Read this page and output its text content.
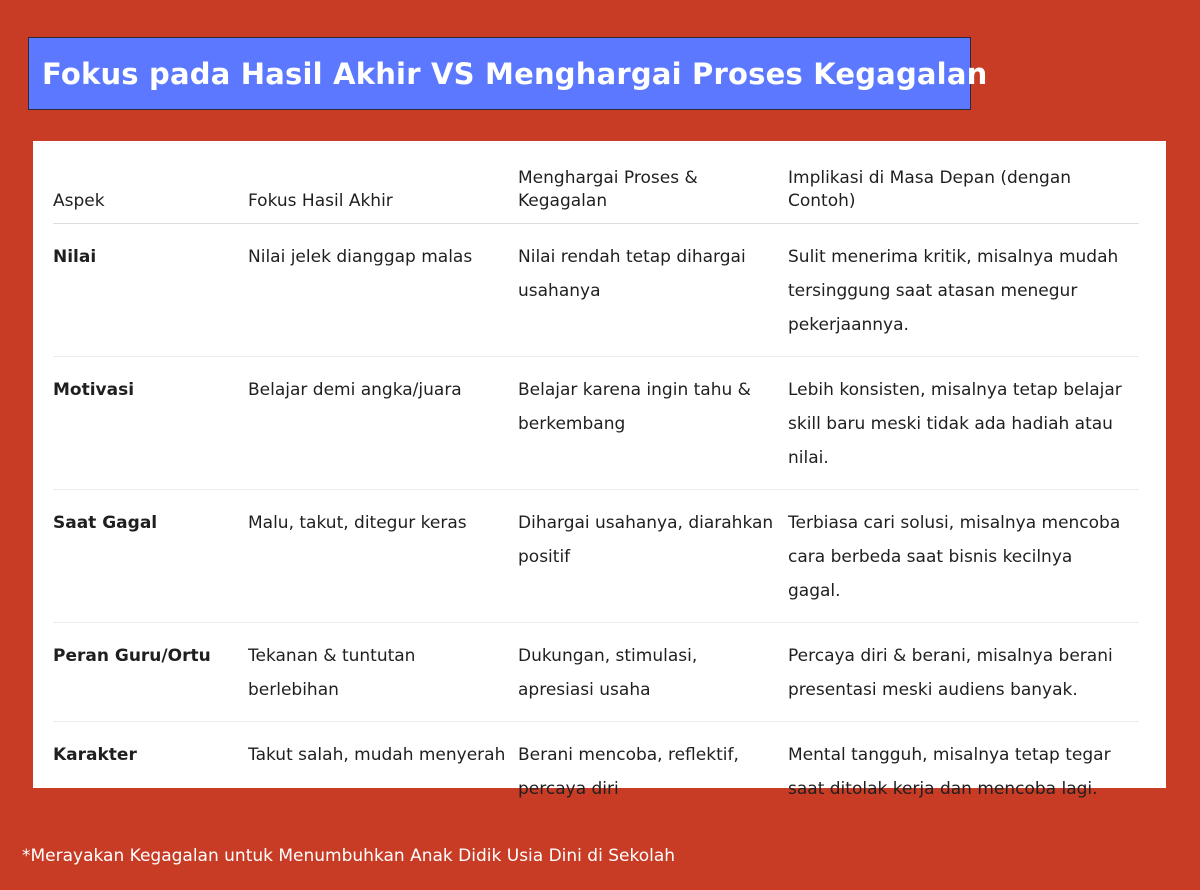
Fokus pada Hasil Akhir VS Menghargai Proses Kegagalan
Aspek	Fokus Hasil Akhir	Menghargai Proses & Kegagalan	Implikasi di Masa Depan (dengan Contoh)
Nilai	Nilai jelek dianggap malas	Nilai rendah tetap dihargai usahanya	Sulit menerima kritik, misalnya mudah tersinggung saat atasan menegur pekerjaannya.
Motivasi	Belajar demi angka/juara	Belajar karena ingin tahu & berkembang	Lebih konsisten, misalnya tetap belajar skill baru meski tidak ada hadiah atau nilai.
Saat Gagal	Malu, takut, ditegur keras	Dihargai usahanya, diarahkan positif	Terbiasa cari solusi, misalnya mencoba cara berbeda saat bisnis kecilnya gagal.
Peran Guru/Ortu	Tekanan & tuntutan berlebihan	Dukungan, stimulasi, apresiasi usaha	Percaya diri & berani, misalnya berani presentasi meski audiens banyak.
Karakter	Takut salah, mudah menyerah	Berani mencoba, reflektif, percaya diri	Mental tangguh, misalnya tetap tegar saat ditolak kerja dan mencoba lagi.
*Merayakan Kegagalan untuk Menumbuhkan Anak Didik Usia Dini di Sekolah
